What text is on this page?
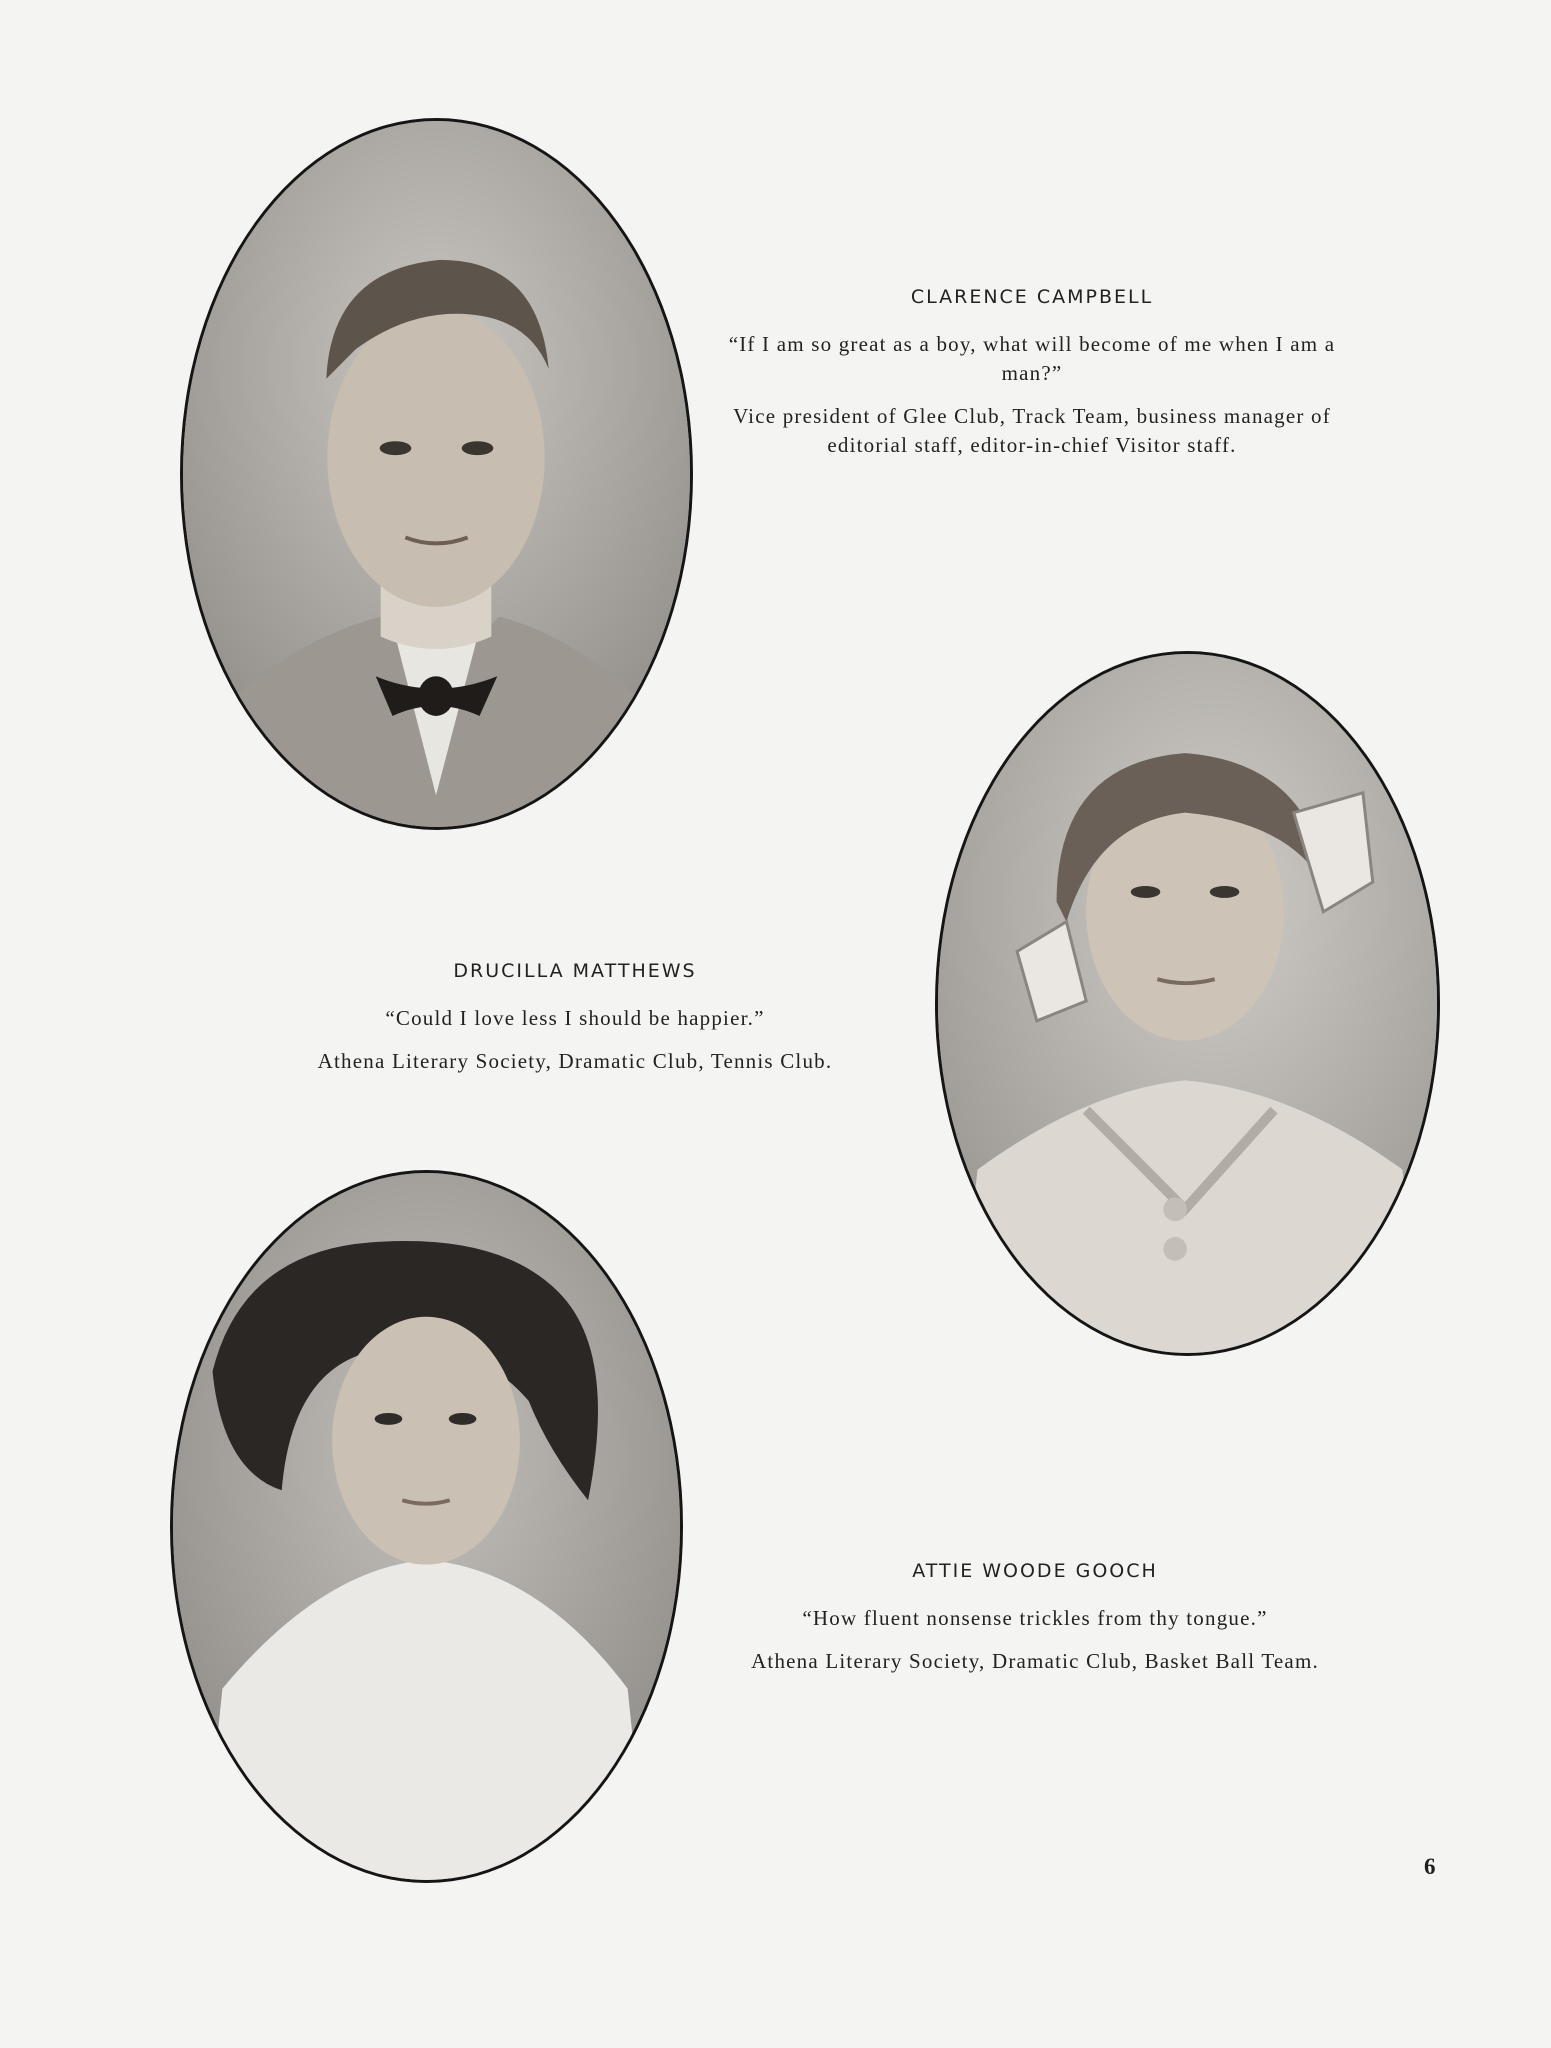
CLARENCE CAMPBELL

“If I am so great as a boy, what will become of me when I am a man?”

Vice president of Glee Club, Track Team, business manager of editorial staff, editor-in-chief Visitor staff.

DRUCILLA MATTHEWS

“Could I love less I should be happier.”

Athena Literary Society, Dramatic Club, Tennis Club.

ATTIE WOODE GOOCH

“How fluent nonsense trickles from thy tongue.”

Athena Literary Society, Dramatic Club, Basket Ball Team.

6
